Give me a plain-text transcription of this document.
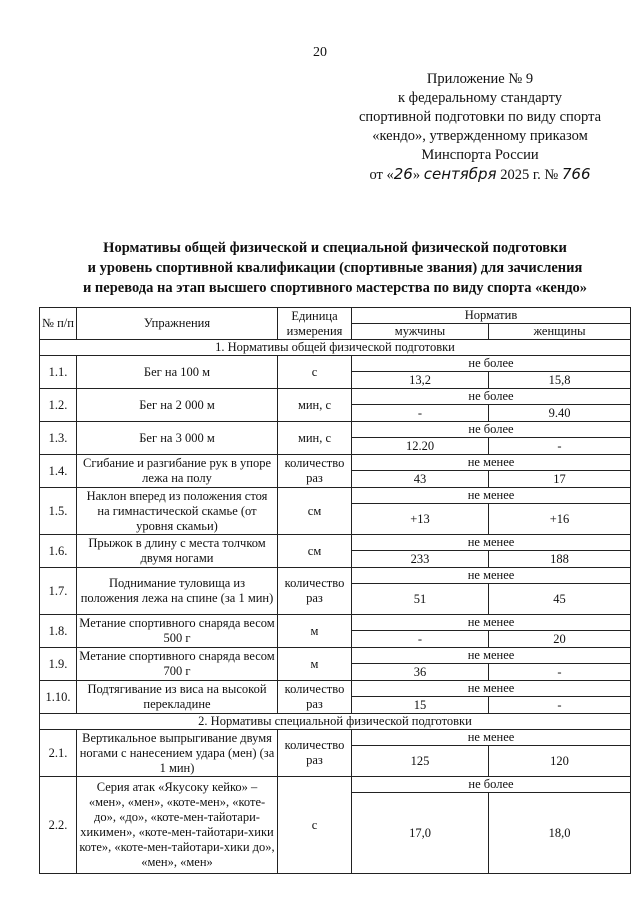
20
Приложение № 9
к федеральному стандарту
спортивной подготовки по виду спорта
«кендо», утвержденному приказом
Минспорта России
от «26» сентября 2025 г. № 766
Нормативы общей физической и специальной физической подготовки
и уровень спортивной квалификации (спортивные звания) для зачисления
и перевода на этап высшего спортивного мастерства по виду спорта «кендо»
№ п/п	Упражнения	Единица измерения	Норматив	
			мужчины	женщины
1. Нормативы общей физической подготовки				
1.1.	Бег на 100 м	с	не более	
			13,2	15,8
1.2.	Бег на 2 000 м	мин, с	не более	
			-	9.40
1.3.	Бег на 3 000 м	мин, с	не более	
			12.20	-
1.4.	Сгибание и разгибание рук в упоре лежа на полу	количество раз	не менее	
			43	17
1.5.	Наклон вперед из положения стоя на гимнастической скамье (от уровня скамьи)	см	не менее	
			+13	+16
1.6.	Прыжок в длину с места толчком двумя ногами	см	не менее	
			233	188
1.7.	Поднимание туловища из положения лежа на спине (за 1 мин)	количество раз	не менее	
			51	45
1.8.	Метание спортивного снаряда весом 500 г	м	не менее	
			-	20
1.9.	Метание спортивного снаряда весом 700 г	м	не менее	
			36	-
1.10.	Подтягивание из виса на высокой перекладине	количество раз	не менее	
			15	-
2. Нормативы специальной физической подготовки				
2.1.	Вертикальное выпрыгивание двумя ногами с нанесением удара (мен) (за 1 мин)	количество раз	не менее	
			125	120
2.2.	Серия атак «Якусоку кейко» – «мен», «мен», «коте-мен», «коте-до», «до», «коте-мен-тайотари-хикимен», «коте-мен-тайотари-хики коте», «коте-мен-тайотари-хики до», «мен», «мен»	с	не более	
			17,0	18,0
